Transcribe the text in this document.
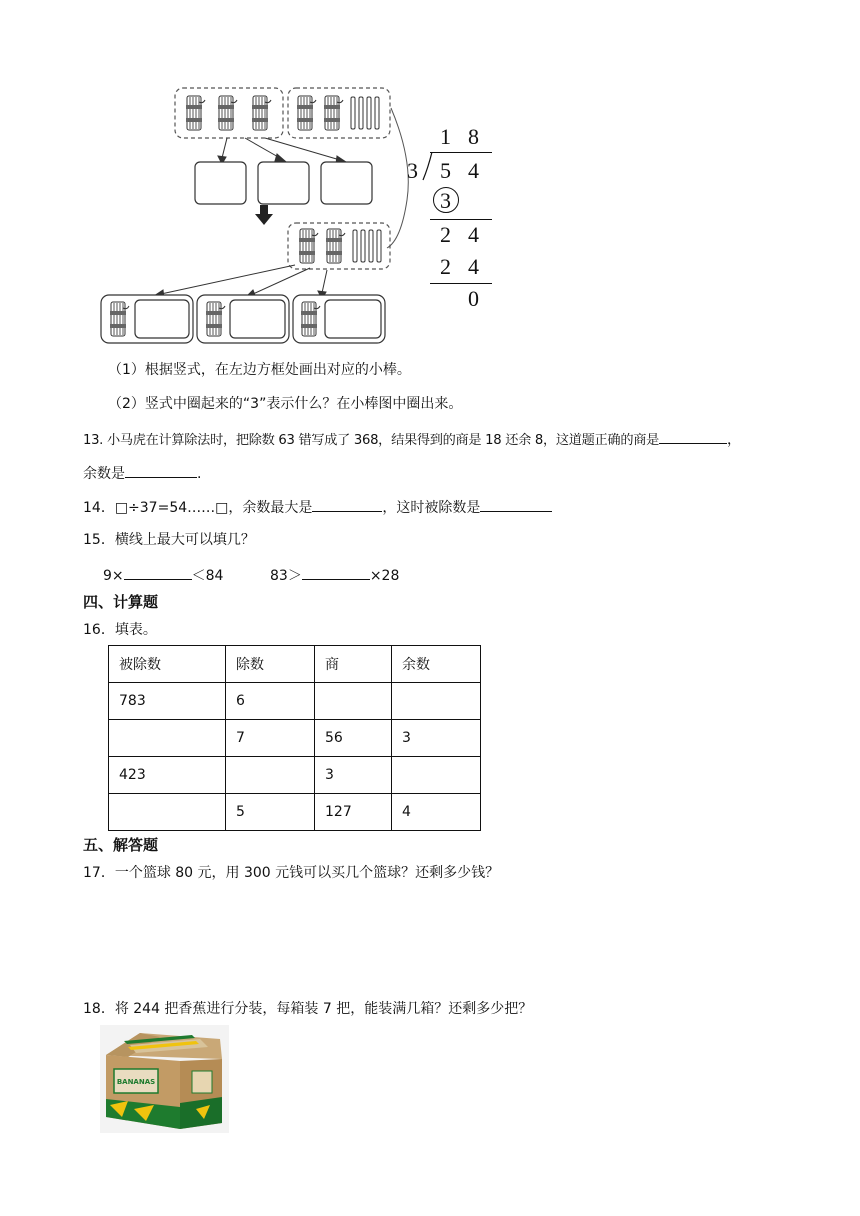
1 8
3 5 4
3
2 4
2 4
0
（1）根据竖式，在左边方框处画出对应的小棒。
（2）竖式中圈起来的“3”表示什么？在小棒图中圈出来。
13. 小马虎在计算除法时，把除数 63 错写成了 368，结果得到的商是 18 还余 8，这道题正确的商是	，
余数是	.
14．□÷37=54……□，余数最大是	，这时被除数是
15．横线上最大可以填几？
9×	＜84	83＞	×28
四、计算题
16．填表。
被除数	除数	商	余数
783	6		
	7	56	3
423		3	
	5	127	4
五、解答题
17．一个篮球 80 元，用 300 元钱可以买几个篮球？还剩多少钱？
18．将 244 把香蕉进行分装，每箱装 7 把，能装满几箱？还剩多少把？
BANANAS
